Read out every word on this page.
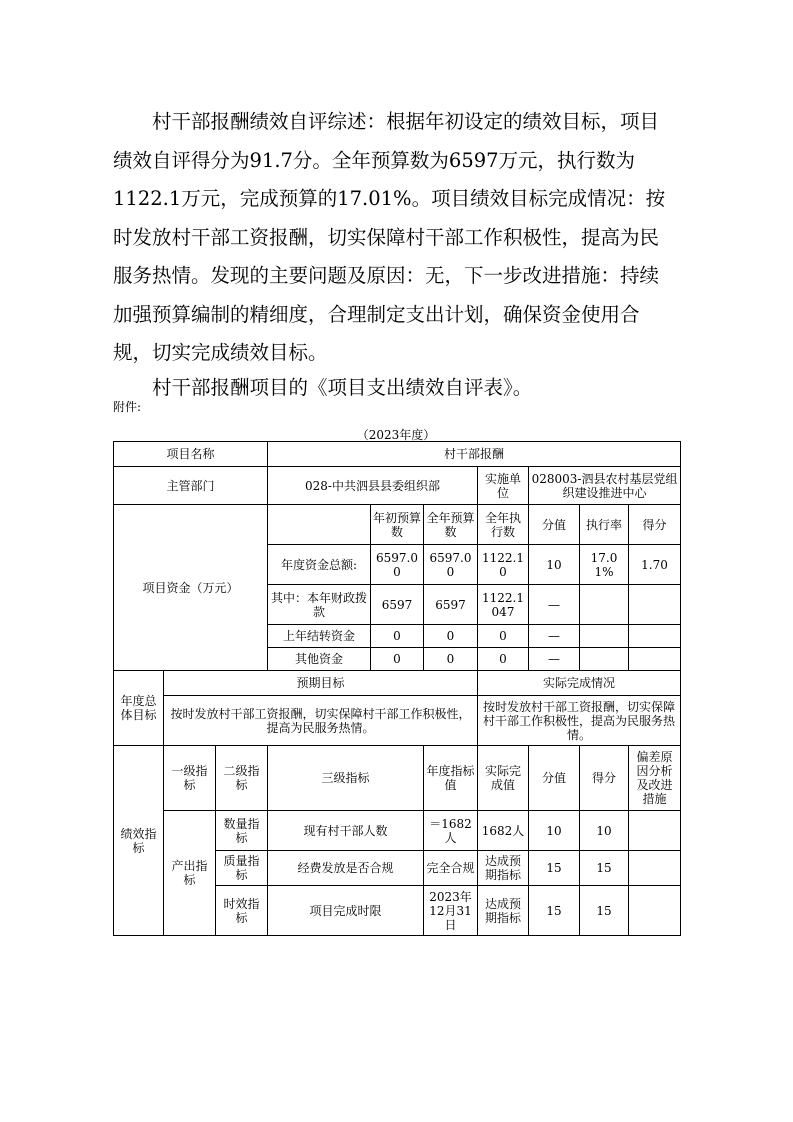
村干部报酬绩效自评综述：根据年初设定的绩效目标，项目绩效自评得分为91.7分。全年预算数为6597万元，执行数为1122.1万元，完成预算的17.01%。项目绩效目标完成情况：按时发放村干部工资报酬，切实保障村干部工作积极性，提高为民服务热情。发现的主要问题及原因：无，下一步改进措施：持续加强预算编制的精细度，合理制定支出计划，确保资金使用合规，切实完成绩效目标。

村干部报酬项目的《项目支出绩效自评表》。

附件:
（2023年度）
项目名称			村干部报酬						
主管部门			028-中共泗县县委组织部			实施单位	028003-泗县农村基层党组织建设推进中心		
项目资金（万元）				年初预算数	全年预算数	全年执行数	分值	执行率	得分
			年度资金总额:	6597.00	6597.00	1122.10	10	17.01%	1.70
			其中：本年财政拨款	6597	6597	1122.1047	—		
			上年结转资金	0	0	0	—		
			其他资金	0	0	0	—		
年度总体目标	预期目标					实际完成情况			
	按时发放村干部工资报酬，切实保障村干部工作积极性，提高为民服务热情。					按时发放村干部工资报酬，切实保障村干部工作积极性，提高为民服务热情。			
绩效指标	一级指标	二级指标	三级指标		年度指标值	实际完成值	分值	得分	偏差原因分析及改进措施
	产出指标	数量指标	现有村干部人数		＝1682人	1682人	10	10	
		质量指标	经费发放是否合规		完全合规	达成预期指标	15	15	
		时效指标	项目完成时限		2023年12月31日	达成预期指标	15	15	
